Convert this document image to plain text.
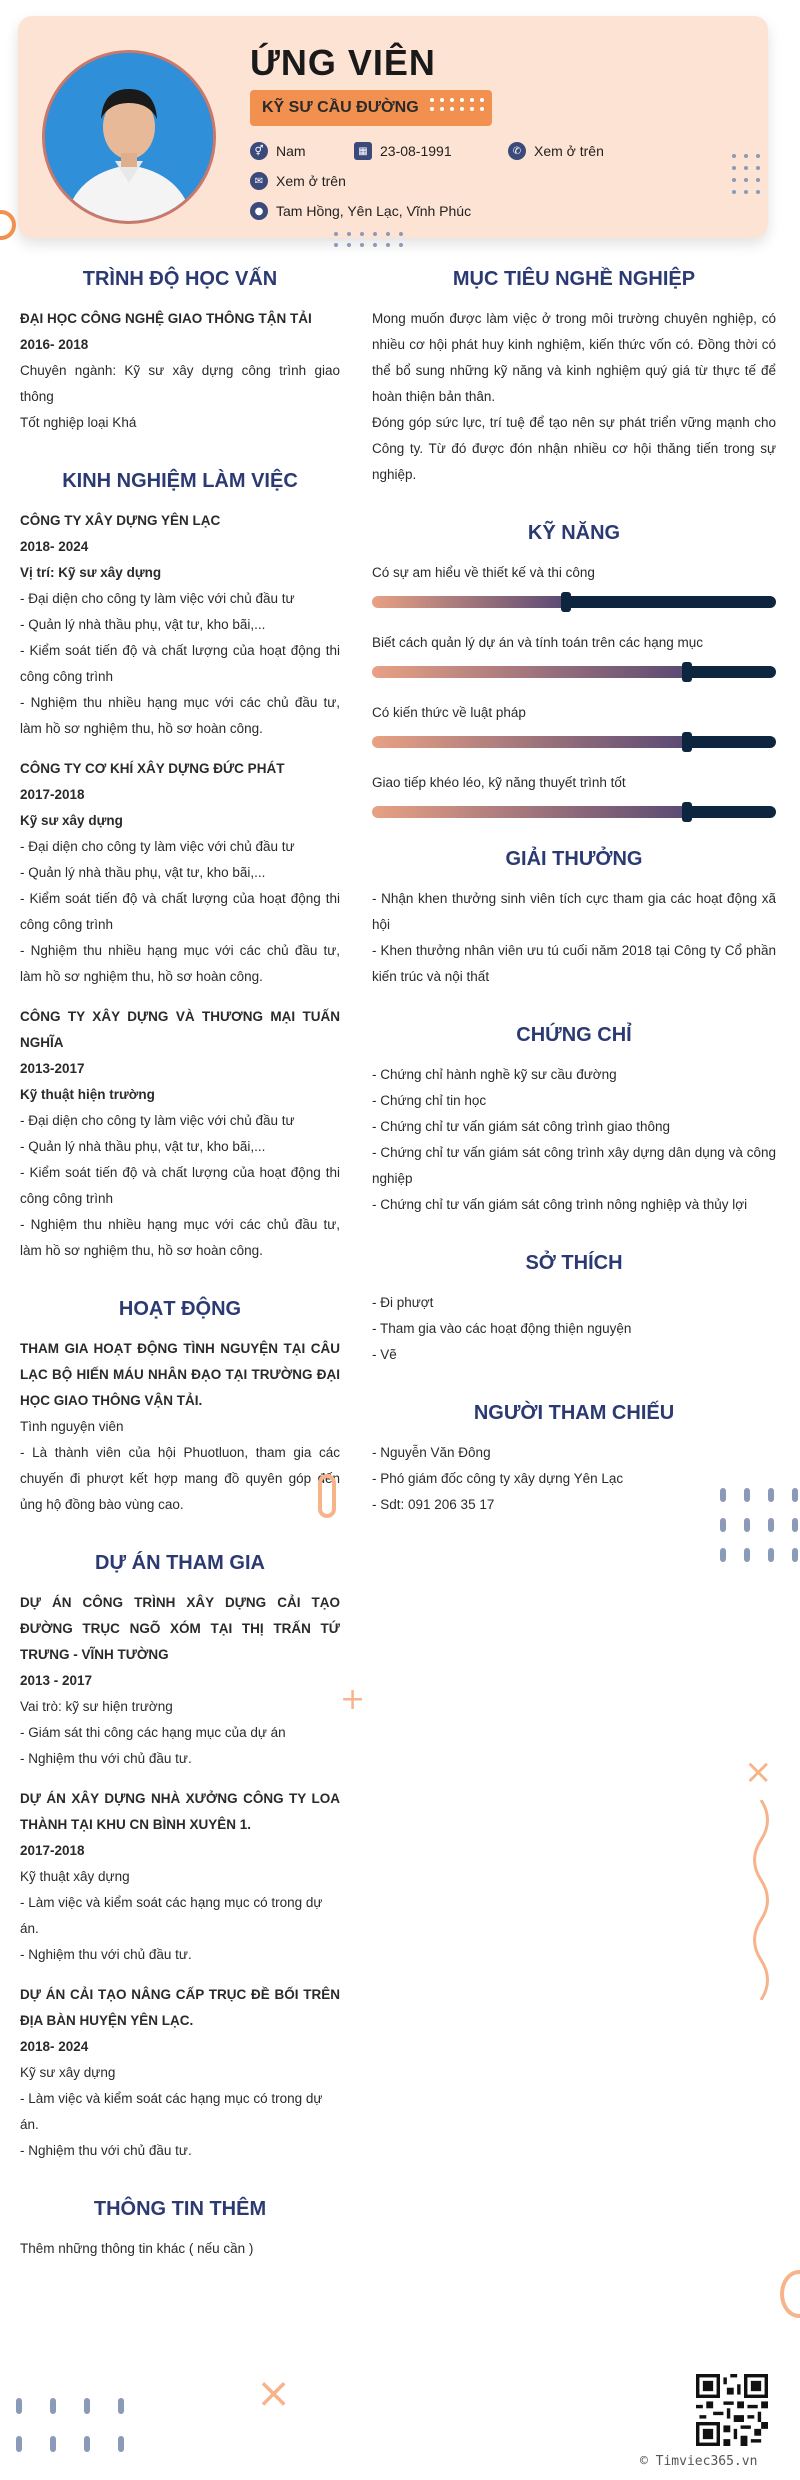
ỨNG VIÊN
KỸ SƯ CẦU ĐƯỜNG
⚥ Nam	▦ 23-08-1991	✆ Xem ở trên
✉ Xem ở trên
● Tam Hồng, Yên Lạc, Vĩnh Phúc
TRÌNH ĐỘ HỌC VẤN

ĐẠI HỌC CÔNG NGHỆ GIAO THÔNG TẬN TẢI

2016- 2018

Chuyên ngành: Kỹ sư xây dựng công trình giao thông

Tốt nghiệp loại Khá

KINH NGHIỆM LÀM VIỆC

CÔNG TY XÂY DỰNG YÊN LẠC

2018- 2024

Vị trí: Kỹ sư xây dựng

- Đại diện cho công ty làm việc với chủ đầu tư

- Quản lý nhà thầu phụ, vật tư, kho bãi,...

- Kiểm soát tiến độ và chất lượng của hoạt động thi công công trình

- Nghiệm thu nhiều hạng mục với các chủ đầu tư, làm hồ sơ nghiệm thu, hồ sơ hoàn công.

CÔNG TY CƠ KHÍ XÂY DỰNG ĐỨC PHÁT

2017-2018

Kỹ sư xây dựng

- Đại diện cho công ty làm việc với chủ đầu tư

- Quản lý nhà thầu phụ, vật tư, kho bãi,...

- Kiểm soát tiến độ và chất lượng của hoạt động thi công công trình

- Nghiệm thu nhiều hạng mục với các chủ đầu tư, làm hồ sơ nghiệm thu, hồ sơ hoàn công.

CÔNG TY XÂY DỰNG VÀ THƯƠNG MẠI TUẤN NGHĨA

2013-2017

Kỹ thuật hiện trường

- Đại diện cho công ty làm việc với chủ đầu tư

- Quản lý nhà thầu phụ, vật tư, kho bãi,...

- Kiểm soát tiến độ và chất lượng của hoạt động thi công công trình

- Nghiệm thu nhiều hạng mục với các chủ đầu tư, làm hồ sơ nghiệm thu, hồ sơ hoàn công.

HOẠT ĐỘNG

THAM GIA HOẠT ĐỘNG TÌNH NGUYỆN TẠI CÂU LẠC BỘ HIẾN MÁU NHÂN ĐẠO TẠI TRƯỜNG ĐẠI HỌC GIAO THÔNG VẬN TẢI.

Tình nguyện viên

- Là thành viên của hội Phuotluon, tham gia các chuyến đi phượt kết hợp mang đồ quyên góp đến ủng hộ đồng bào vùng cao.

DỰ ÁN THAM GIA

DỰ ÁN CÔNG TRÌNH XÂY DỰNG CẢI TẠO ĐƯỜNG TRỤC NGÕ XÓM TẠI THỊ TRẤN TỨ TRƯNG - VĨNH TƯỜNG

2013 - 2017

Vai trò: kỹ sư hiện trường

- Giám sát thi công các hạng mục của dự án

- Nghiệm thu với chủ đầu tư.

DỰ ÁN XÂY DỰNG NHÀ XƯỞNG CÔNG TY LOA THÀNH TẠI KHU CN BÌNH XUYÊN 1.

2017-2018

Kỹ thuật xây dựng

- Làm việc và kiểm soát các hạng mục có trong dự án.

- Nghiệm thu với chủ đầu tư.

DỰ ÁN CẢI TẠO NÂNG CẤP TRỤC ĐỀ BỐI TRÊN ĐỊA BÀN HUYỆN YÊN LẠC.

2018- 2024

Kỹ sư xây dựng

- Làm việc và kiểm soát các hạng mục có trong dự án.

- Nghiệm thu với chủ đầu tư.

THÔNG TIN THÊM

Thêm những thông tin khác ( nếu cần )

MỤC TIÊU NGHỀ NGHIỆP

Mong muốn được làm việc ở trong môi trường chuyên nghiệp, có nhiều cơ hội phát huy kinh nghiệm, kiến thức vốn có. Đồng thời có thể bổ sung những kỹ năng và kinh nghiệm quý giá từ thực tế để hoàn thiện bản thân.

Đóng góp sức lực, trí tuệ để tạo nên sự phát triển vững mạnh cho Công ty. Từ đó được đón nhận nhiều cơ hội thăng tiến trong sự nghiệp.

KỸ NĂNG

Có sự am hiểu về thiết kế và thi công

Biết cách quản lý dự án và tính toán trên các hạng mục

Có kiến thức về luật pháp

Giao tiếp khéo léo, kỹ năng thuyết trình tốt

GIẢI THƯỞNG

- Nhận khen thưởng sinh viên tích cực tham gia các hoạt động xã hội

- Khen thưởng nhân viên ưu tú cuối năm 2018 tại Công ty Cổ phần kiến trúc và nội thất

CHỨNG CHỈ

- Chứng chỉ hành nghề kỹ sư cầu đường

- Chứng chỉ tin học

- Chứng chỉ tư vấn giám sát công trình giao thông

- Chứng chỉ tư vấn giám sát công trình xây dựng dân dụng và công nghiệp

- Chứng chỉ tư vấn giám sát công trình nông nghiệp và thủy lợi

SỞ THÍCH

- Đi phượt

- Tham gia vào các hoạt động thiện nguyện

- Vẽ

NGƯỜI THAM CHIẾU

- Nguyễn Văn Đông

- Phó giám đốc công ty xây dựng Yên Lạc

- Sdt: 091 206 35 17

+
×
×
© Timviec365.vn
